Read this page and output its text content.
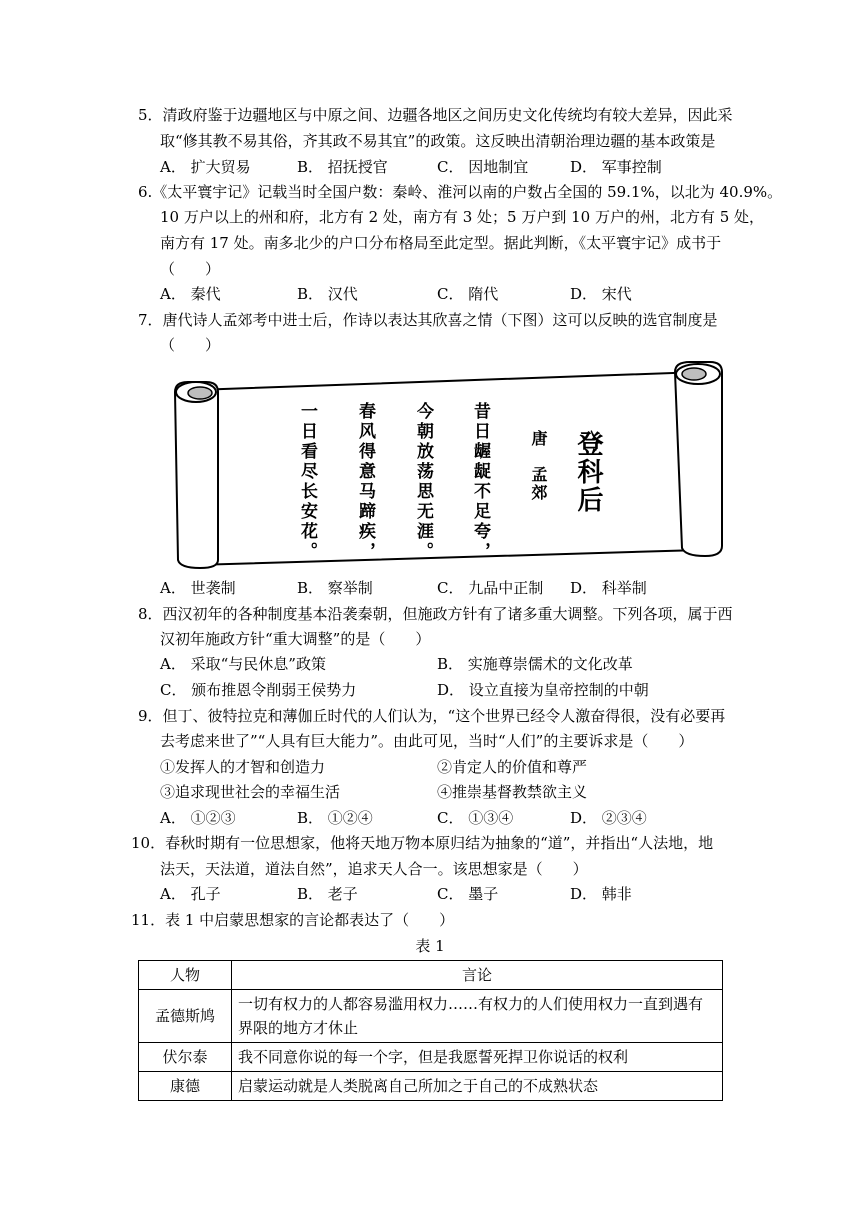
5．清政府鉴于边疆地区与中原之间、边疆各地区之间历史文化传统均有较大差异，因此采
取“修其教不易其俗，齐其政不易其宜”的政策。这反映出清朝治理边疆的基本政策是
A． 扩大贸易	B． 招抚授官	C． 因地制宜	D． 军事控制
6.《太平寰宇记》记载当时全国户数：秦岭、淮河以南的户数占全国的 59.1%，以北为 40.9%。
10 万户以上的州和府，北方有 2 处，南方有 3 处；5 万户到 10 万户的州，北方有 5 处，
南方有 17 处。南多北少的户口分布格局至此定型。据此判断，《太平寰宇记》成书于
（　　）
A． 秦代	B． 汉代	C． 隋代	D． 宋代
7．唐代诗人孟郊考中进士后，作诗以表达其欣喜之情（下图）这可以反映的选官制度是
（　　）
登科后
唐　孟郊
昔日龌龊不足夸，
今朝放荡思无涯。
春风得意马蹄疾，
一日看尽长安花。
A． 世袭制	B． 察举制	C． 九品中正制 D． 科举制
8．西汉初年的各种制度基本沿袭秦朝，但施政方针有了诸多重大调整。下列各项，属于西
汉初年施政方针“重大调整”的是（　　）
A． 采取“与民休息”政策	B． 实施尊崇儒术的文化改革
C． 颁布推恩令削弱王侯势力	D． 设立直接为皇帝控制的中朝
9．但丁、彼特拉克和薄伽丘时代的人们认为，“这个世界已经令人激奋得很，没有必要再
去考虑来世了”“人具有巨大能力”。由此可见，当时“人们”的主要诉求是（　　）
①发挥人的才智和创造力	②肯定人的价值和尊严
③追求现世社会的幸福生活	④推崇基督教禁欲主义
A． ①②③	B． ①②④	C． ①③④	D． ②③④
10．春秋时期有一位思想家，他将天地万物本原归结为抽象的“道”，并指出“人法地，地
法天，天法道，道法自然”，追求天人合一。该思想家是（　　）
A． 孔子	B． 老子	C． 墨子	D． 韩非
11．表 1 中启蒙思想家的言论都表达了（　　）
表 1
人物	言论
孟德斯鸠	一切有权力的人都容易滥用权力……有权力的人们使用权力一直到遇有界限的地方才休止
伏尔泰	我不同意你说的每一个字，但是我愿誓死捍卫你说话的权利
康德	启蒙运动就是人类脱离自己所加之于自己的不成熟状态
